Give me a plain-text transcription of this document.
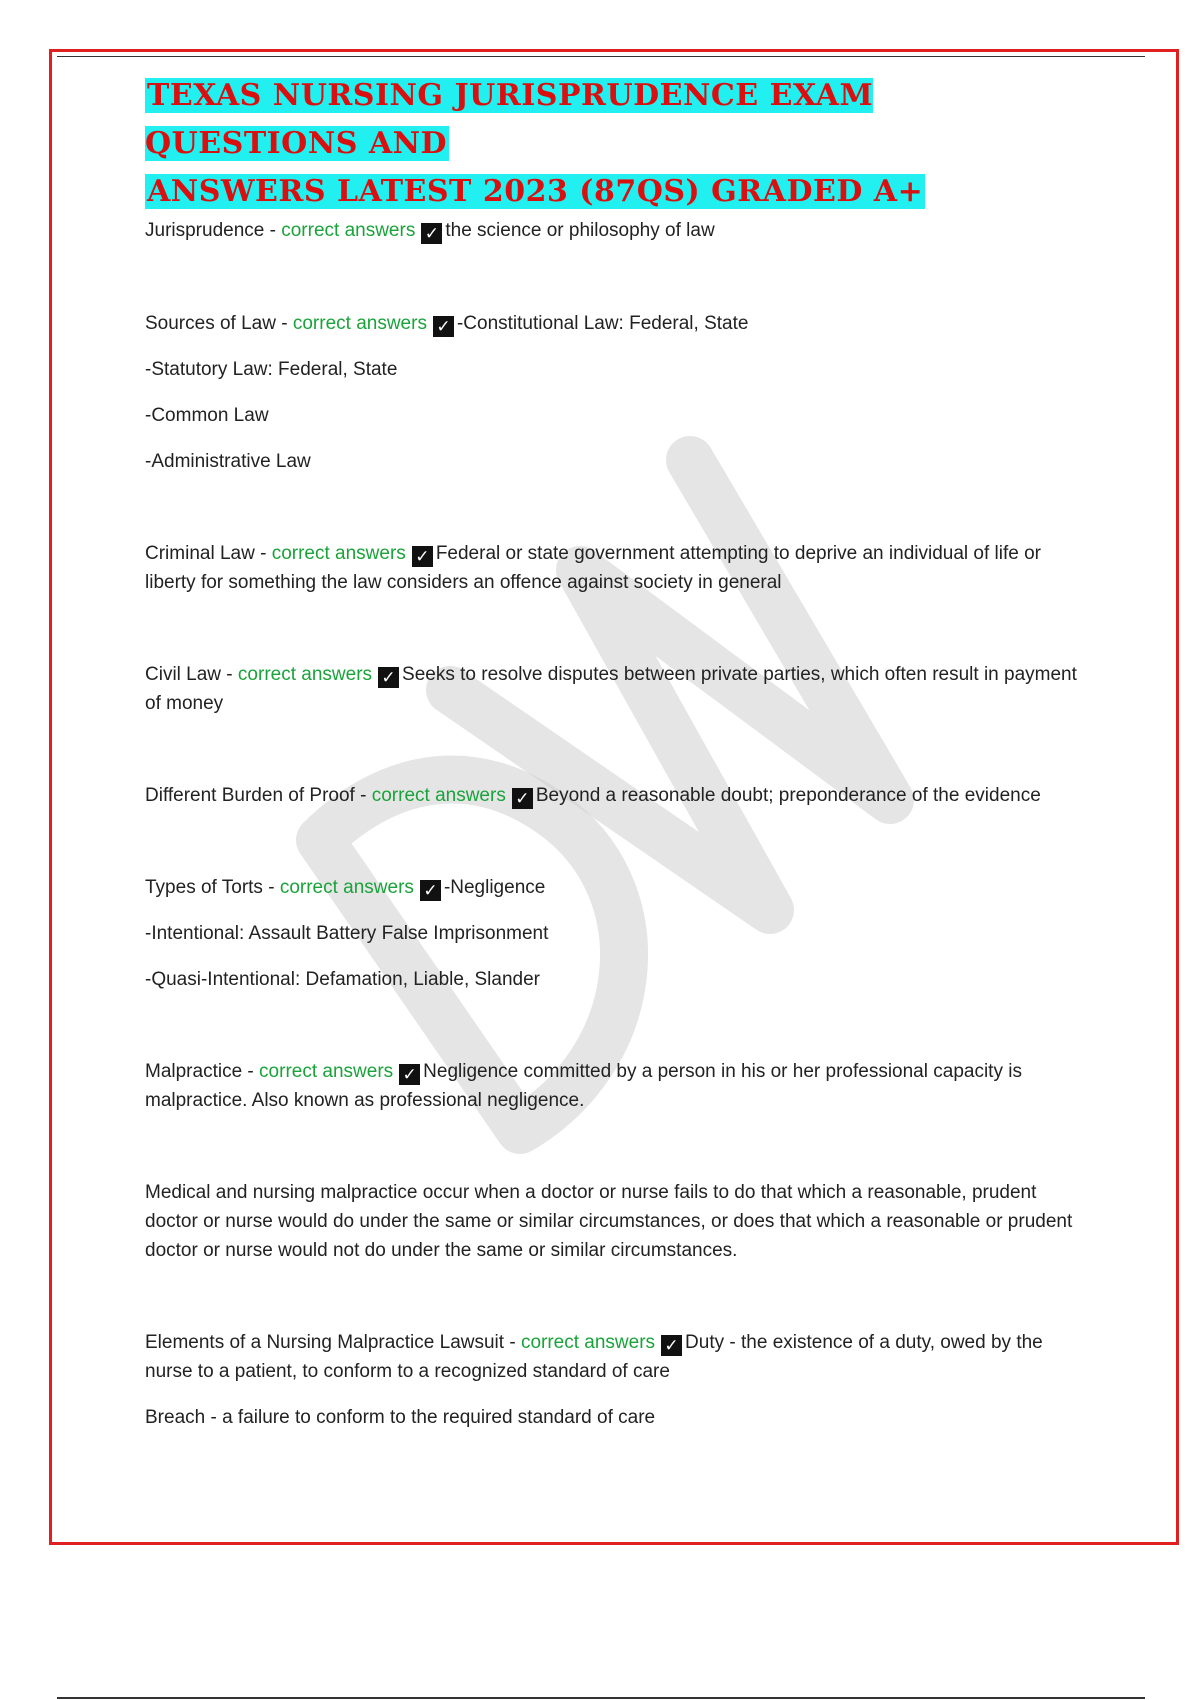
TEXAS NURSING JURISPRUDENCE EXAM QUESTIONS AND
ANSWERS LATEST 2023 (87QS) GRADED A+

Jurisprudence - correct answers ✓ the science or philosophy of law

Sources of Law - correct answers ✓ -Constitutional Law: Federal, State

-Statutory Law: Federal, State

-Common Law

-Administrative Law

Criminal Law - correct answers ✓ Federal or state government attempting to deprive an individual of life or liberty for something the law considers an offence against society in general

Civil Law - correct answers ✓ Seeks to resolve disputes between private parties, which often result in payment of money

Different Burden of Proof - correct answers ✓ Beyond a reasonable doubt; preponderance of the evidence

Types of Torts - correct answers ✓ -Negligence

-Intentional: Assault Battery False Imprisonment

-Quasi-Intentional: Defamation, Liable, Slander

Malpractice - correct answers ✓ Negligence committed by a person in his or her professional capacity is malpractice. Also known as professional negligence.

Medical and nursing malpractice occur when a doctor or nurse fails to do that which a reasonable, prudent doctor or nurse would do under the same or similar circumstances, or does that which a reasonable or prudent doctor or nurse would not do under the same or similar circumstances.

Elements of a Nursing Malpractice Lawsuit - correct answers ✓ Duty - the existence of a duty, owed by the nurse to a patient, to conform to a recognized standard of care

Breach - a failure to conform to the required standard of care
